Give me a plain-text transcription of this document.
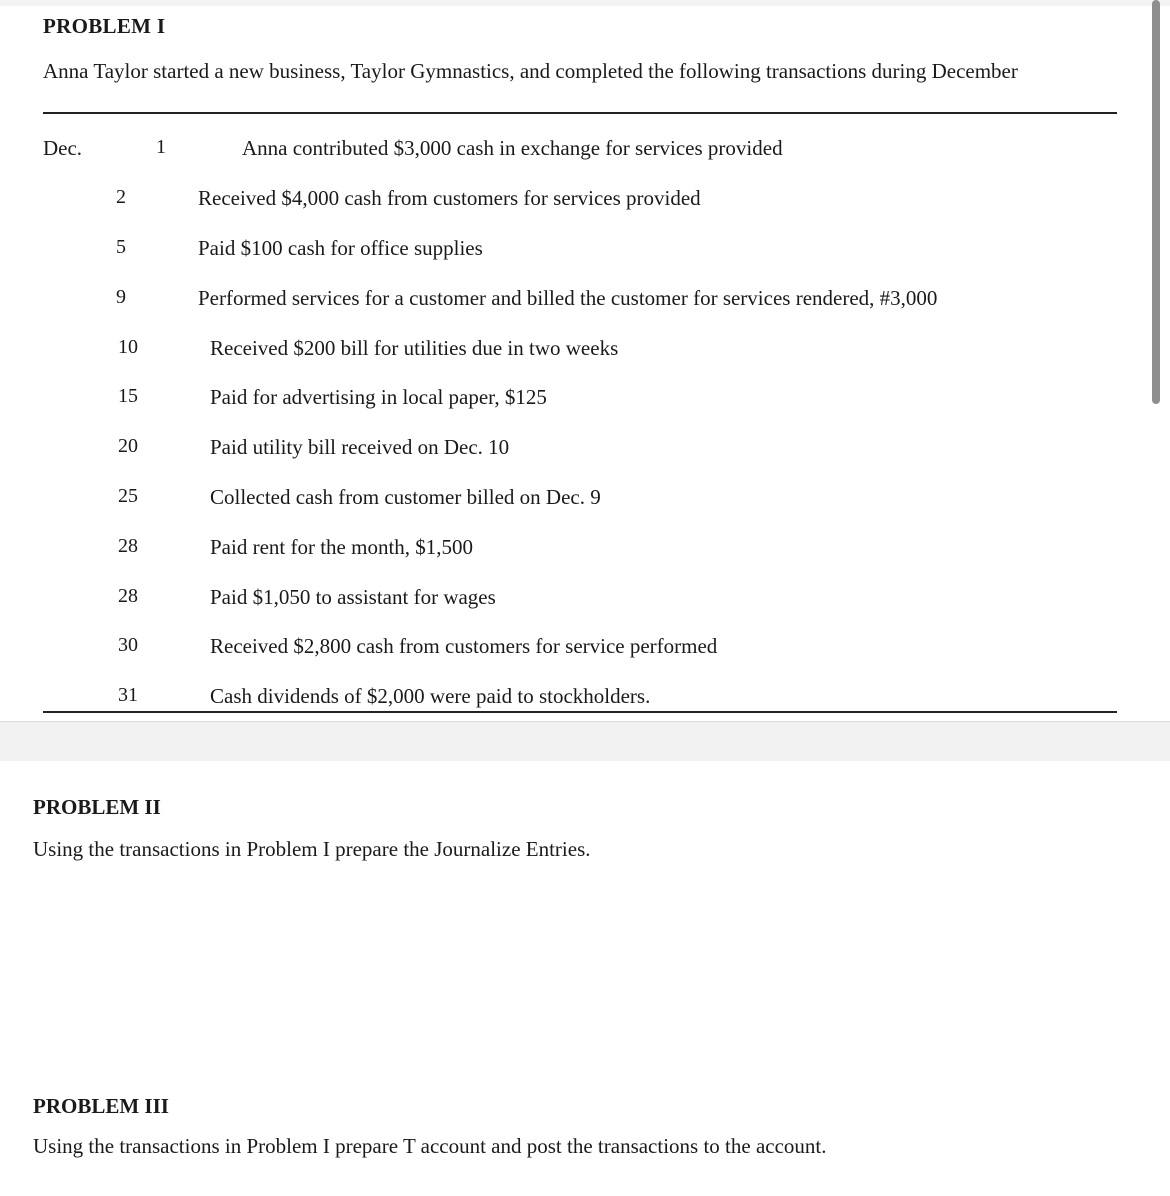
PROBLEM I
Anna Taylor started a new business, Taylor Gymnastics, and completed the following transactions during December
Dec.	1	Anna contributed $3,000 cash in exchange for services provided
2	Received $4,000 cash from customers for services provided
5	Paid $100 cash for office supplies
9	Performed services for a customer and billed the customer for services rendered, #3,000
10	Received $200 bill for utilities due in two weeks
15	Paid for advertising in local paper, $125
20	Paid utility bill received on Dec. 10
25	Collected cash from customer billed on Dec. 9
28	Paid rent for the month, $1,500
28	Paid $1,050 to assistant for wages
30	Received $2,800 cash from customers for service performed
31	Cash dividends of $2,000 were paid to stockholders.
PROBLEM II
Using the transactions in Problem I prepare the Journalize Entries.
PROBLEM III
Using the transactions in Problem I prepare T account and post the transactions to the account.
